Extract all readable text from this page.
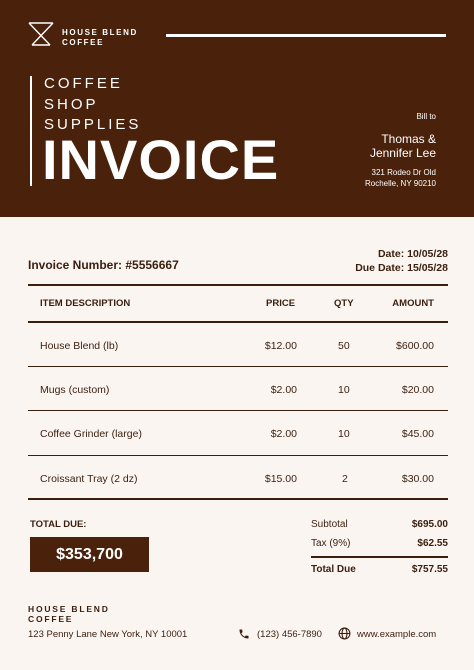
HOUSE BLEND
COFFEE
COFFEE
SHOP
SUPPLIES
INVOICE
Bill to
Thomas &
Jennifer Lee
321 Rodeo Dr Old
Rochelle, NY 90210
Date: 10/05/28
Due Date: 15/05/28
Invoice Number: #5556667
ITEM DESCRIPTION	PRICE	QTY	AMOUNT
House Blend (lb)	$12.00	50	$600.00
Mugs (custom)	$2.00	10	$20.00
Coffee Grinder (large)	$2.00	10	$45.00
Croissant Tray (2 dz)	$15.00	2	$30.00
TOTAL DUE:
$353,700
Subtotal	$695.00
Tax (9%)	$62.55
Total Due	$757.55
HOUSE BLEND
COFFEE
123 Penny Lane New York, NY 10001	(123) 456-7890	www.example.com
